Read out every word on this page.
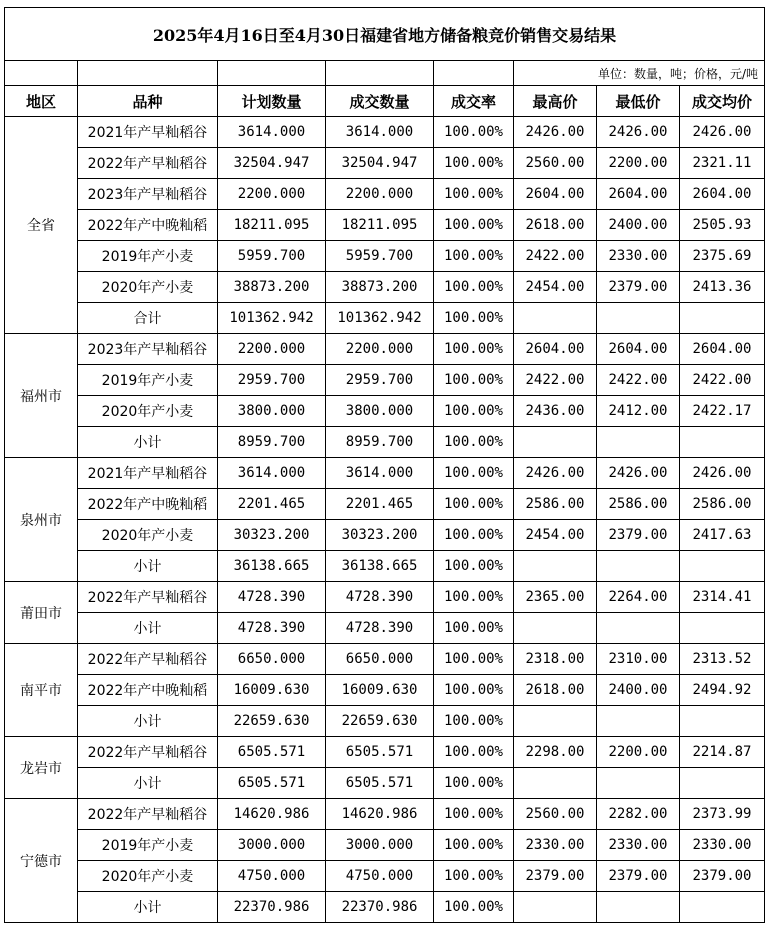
2025年4月16日至4月30日福建省地方储备粮竞价销售交易结果							
					单位：数量，吨；价格，元/吨		
地区	品种	计划数量	成交数量	成交率	最高价	最低价	成交均价
全省	2021年产早籼稻谷	3614.000	3614.000	100.00%	2426.00	2426.00	2426.00
	2022年产早籼稻谷	32504.947	32504.947	100.00%	2560.00	2200.00	2321.11
	2023年产早籼稻谷	2200.000	2200.000	100.00%	2604.00	2604.00	2604.00
	2022年产中晚籼稻	18211.095	18211.095	100.00%	2618.00	2400.00	2505.93
	2019年产小麦	5959.700	5959.700	100.00%	2422.00	2330.00	2375.69
	2020年产小麦	38873.200	38873.200	100.00%	2454.00	2379.00	2413.36
	合计	101362.942	101362.942	100.00%			
福州市	2023年产早籼稻谷	2200.000	2200.000	100.00%	2604.00	2604.00	2604.00
	2019年产小麦	2959.700	2959.700	100.00%	2422.00	2422.00	2422.00
	2020年产小麦	3800.000	3800.000	100.00%	2436.00	2412.00	2422.17
	小计	8959.700	8959.700	100.00%			
泉州市	2021年产早籼稻谷	3614.000	3614.000	100.00%	2426.00	2426.00	2426.00
	2022年产中晚籼稻	2201.465	2201.465	100.00%	2586.00	2586.00	2586.00
	2020年产小麦	30323.200	30323.200	100.00%	2454.00	2379.00	2417.63
	小计	36138.665	36138.665	100.00%			
莆田市	2022年产早籼稻谷	4728.390	4728.390	100.00%	2365.00	2264.00	2314.41
	小计	4728.390	4728.390	100.00%			
南平市	2022年产早籼稻谷	6650.000	6650.000	100.00%	2318.00	2310.00	2313.52
	2022年产中晚籼稻	16009.630	16009.630	100.00%	2618.00	2400.00	2494.92
	小计	22659.630	22659.630	100.00%			
龙岩市	2022年产早籼稻谷	6505.571	6505.571	100.00%	2298.00	2200.00	2214.87
	小计	6505.571	6505.571	100.00%			
宁德市	2022年产早籼稻谷	14620.986	14620.986	100.00%	2560.00	2282.00	2373.99
	2019年产小麦	3000.000	3000.000	100.00%	2330.00	2330.00	2330.00
	2020年产小麦	4750.000	4750.000	100.00%	2379.00	2379.00	2379.00
	小计	22370.986	22370.986	100.00%			
